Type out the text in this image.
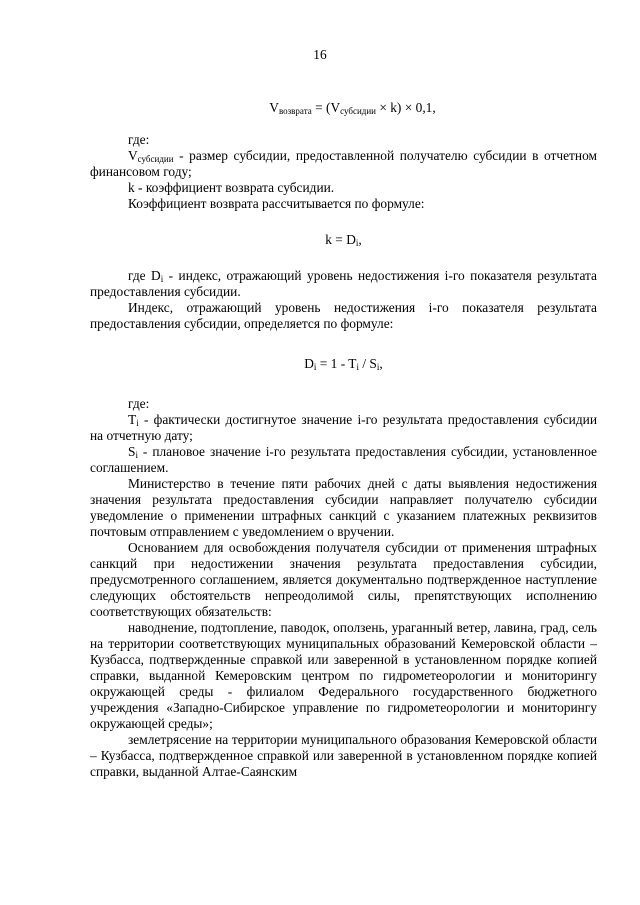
16

$V_{возврата} = (V_{субсидии} \times k) \times 0,1$,

где:

$V_{субсидии}$ - размер субсидии, предоставленной получателю субсидии в отчетном финансовом году;

k - коэффициент возврата субсидии.

Коэффициент возврата рассчитывается по формуле:

$k = D_i$,

где $D_i$ - индекс, отражающий уровень недостижения i-го показателя результата предоставления субсидии.

Индекс, отражающий уровень недостижения i-го показателя результата предоставления субсидии, определяется по формуле:

$D_i = 1 - T_i / S_i$,

где:

$T_i$ - фактически достигнутое значение i-го результата предоставления субсидии на отчетную дату;

$S_i$ - плановое значение i-го результата предоставления субсидии, установленное соглашением.

Министерство в течение пяти рабочих дней с даты выявления недостижения значения результата предоставления субсидии направляет получателю субсидии уведомление о применении штрафных санкций с указанием платежных реквизитов почтовым отправлением с уведомлением о вручении.

Основанием для освобождения получателя субсидии от применения штрафных санкций при недостижении значения результата предоставления субсидии, предусмотренного соглашением, является документально подтвержденное наступление следующих обстоятельств непреодолимой силы, препятствующих исполнению соответствующих обязательств:

наводнение, подтопление, паводок, оползень, ураганный ветер, лавина, град, сель на территории соответствующих муниципальных образований Кемеровской области – Кузбасса, подтвержденные справкой или заверенной в установленном порядке копией справки, выданной Кемеровским центром по гидрометеорологии и мониторингу окружающей среды - филиалом Федерального государственного бюджетного учреждения «Западно-Сибирское управление по гидрометеорологии и мониторингу окружающей среды»;

землетрясение на территории муниципального образования Кемеровской области – Кузбасса, подтвержденное справкой или заверенной в установленном порядке копией справки, выданной Алтае-Саянским
